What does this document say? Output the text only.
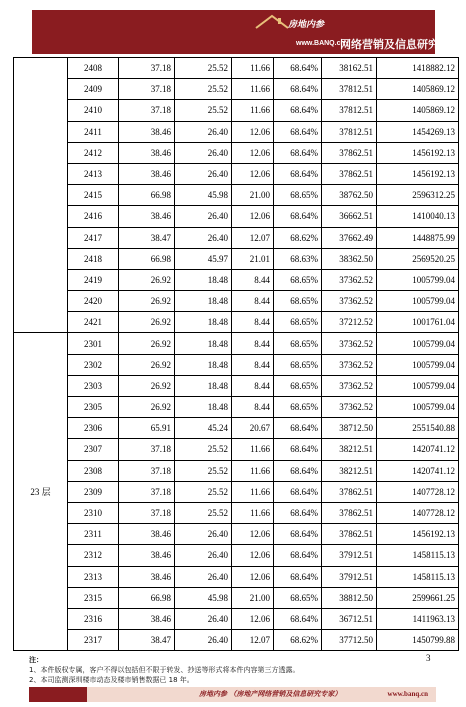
房地内参
www.BANQ.cn
网络营销及信息研究专家
	2408	37.18	25.52	11.66	68.64%	38162.51	1418882.12
	2409	37.18	25.52	11.66	68.64%	37812.51	1405869.12
	2410	37.18	25.52	11.66	68.64%	37812.51	1405869.12
	2411	38.46	26.40	12.06	68.64%	37812.51	1454269.13
	2412	38.46	26.40	12.06	68.64%	37862.51	1456192.13
	2413	38.46	26.40	12.06	68.64%	37862.51	1456192.13
	2415	66.98	45.98	21.00	68.65%	38762.50	2596312.25
	2416	38.46	26.40	12.06	68.64%	36662.51	1410040.13
	2417	38.47	26.40	12.07	68.62%	37662.49	1448875.99
	2418	66.98	45.97	21.01	68.63%	38362.50	2569520.25
	2419	26.92	18.48	8.44	68.65%	37362.52	1005799.04
	2420	26.92	18.48	8.44	68.65%	37362.52	1005799.04
	2421	26.92	18.48	8.44	68.65%	37212.52	1001761.04
23 层	2301	26.92	18.48	8.44	68.65%	37362.52	1005799.04
	2302	26.92	18.48	8.44	68.65%	37362.52	1005799.04
	2303	26.92	18.48	8.44	68.65%	37362.52	1005799.04
	2305	26.92	18.48	8.44	68.65%	37362.52	1005799.04
	2306	65.91	45.24	20.67	68.64%	38712.50	2551540.88
	2307	37.18	25.52	11.66	68.64%	38212.51	1420741.12
	2308	37.18	25.52	11.66	68.64%	38212.51	1420741.12
	2309	37.18	25.52	11.66	68.64%	37862.51	1407728.12
	2310	37.18	25.52	11.66	68.64%	37862.51	1407728.12
	2311	38.46	26.40	12.06	68.64%	37862.51	1456192.13
	2312	38.46	26.40	12.06	68.64%	37912.51	1458115.13
	2313	38.46	26.40	12.06	68.64%	37912.51	1458115.13
	2315	66.98	45.98	21.00	68.65%	38812.50	2599661.25
	2316	38.46	26.40	12.06	68.64%	36712.51	1411963.13
	2317	38.47	26.40	12.07	68.62%	37712.50	1450799.88
注：
1、本件版权专属，客户不得以包括但不限于转发、抄送等形式将本件内容第三方透露。
2、本司监测深圳楼市动态及楼市销售数据已 18 年。
3
房地内参 （房地产网络营销及信息研究专家）	www.banq.cn
